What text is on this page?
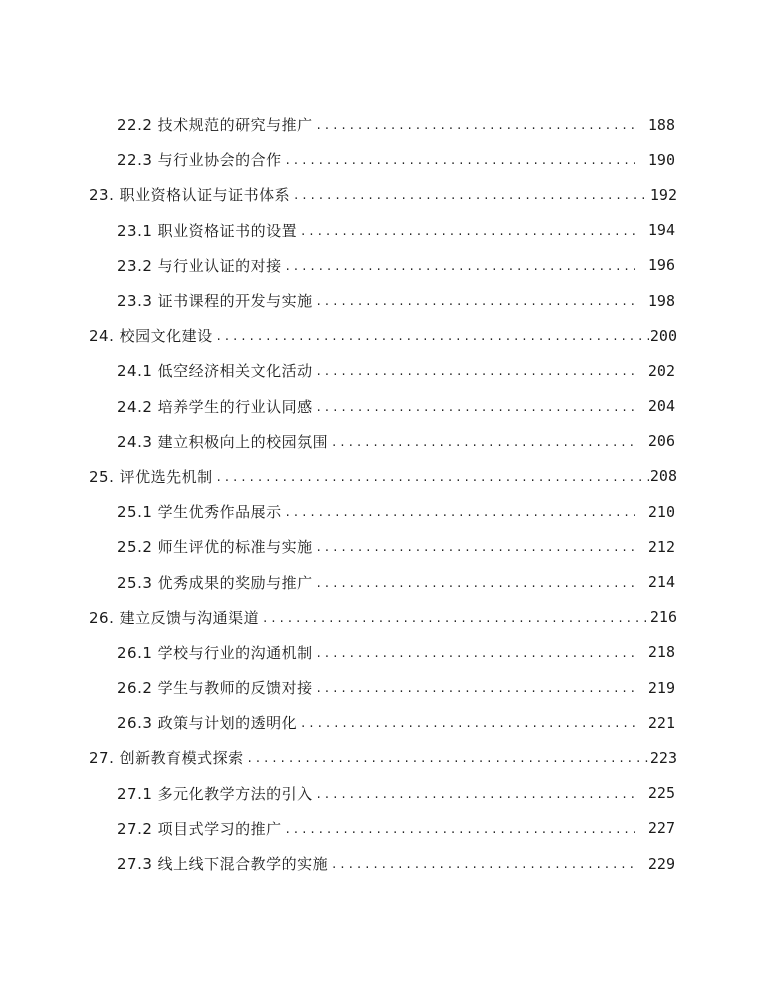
22.2 技术规范的研究与推广 . . .	188
22.3 与行业协会的合作 . . .	190
23. 职业资格认证与证书体系 . . .	192
23.1 职业资格证书的设置 . . .	194
23.2 与行业认证的对接 . . .	196
23.3 证书课程的开发与实施 . . .	198
24. 校园文化建设 . . .	200
24.1 低空经济相关文化活动 . . .	202
24.2 培养学生的行业认同感 . . .	204
24.3 建立积极向上的校园氛围 . . .	206
25. 评优选先机制 . . .	208
25.1 学生优秀作品展示 . . .	210
25.2 师生评优的标准与实施 . . .	212
25.3 优秀成果的奖励与推广 . . .	214
26. 建立反馈与沟通渠道 . . .	216
26.1 学校与行业的沟通机制 . . .	218
26.2 学生与教师的反馈对接 . . .	219
26.3 政策与计划的透明化 . . .	221
27. 创新教育模式探索 . . .	223
27.1 多元化教学方法的引入 . . .	225
27.2 项目式学习的推广 . . .	227
27.3 线上线下混合教学的实施 . . .	229
